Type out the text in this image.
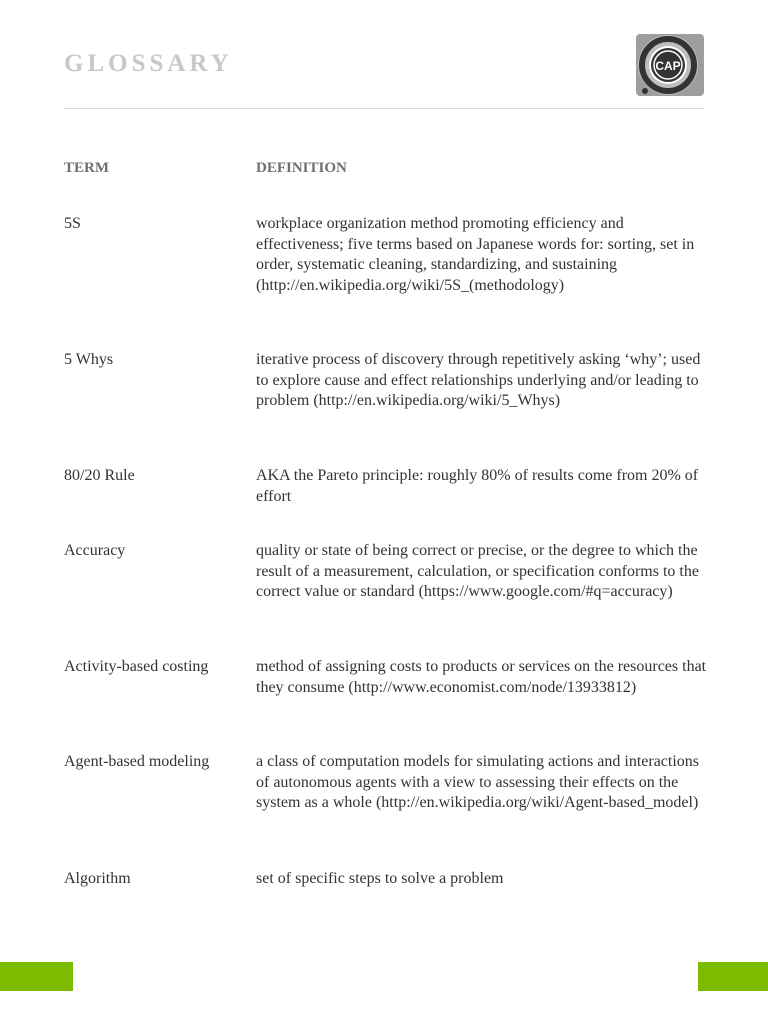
GLOSSARY	CAP
TERM	DEFINITION
5S	workplace organization method promoting efficiency and effectiveness; five terms based on Japanese words for: sorting, set in order, systematic cleaning, standardizing, and sustaining (http://en.wikipedia.org/wiki/5S_(methodology)
5 Whys	iterative process of discovery through repetitively asking ‘why’; used to explore cause and effect relationships underlying and/or leading to problem (http://en.wikipedia.org/wiki/5_Whys)
80/20 Rule	AKA the Pareto principle: roughly 80% of results come from 20% of effort
Accuracy	quality or state of being correct or precise, or the degree to which the result of a measurement, calculation, or specification conforms to the correct value or standard (https://www.google.com/#q=accuracy)
Activity-based costing	method of assigning costs to products or services on the resources that they consume (http://www.economist.com/node/13933812)
Agent-based modeling	a class of computation models for simulating actions and interactions of autonomous agents with a view to assessing their effects on the system as a whole (http://en.wikipedia.org/wiki/Agent-based_model)
Algorithm	set of specific steps to solve a problem
